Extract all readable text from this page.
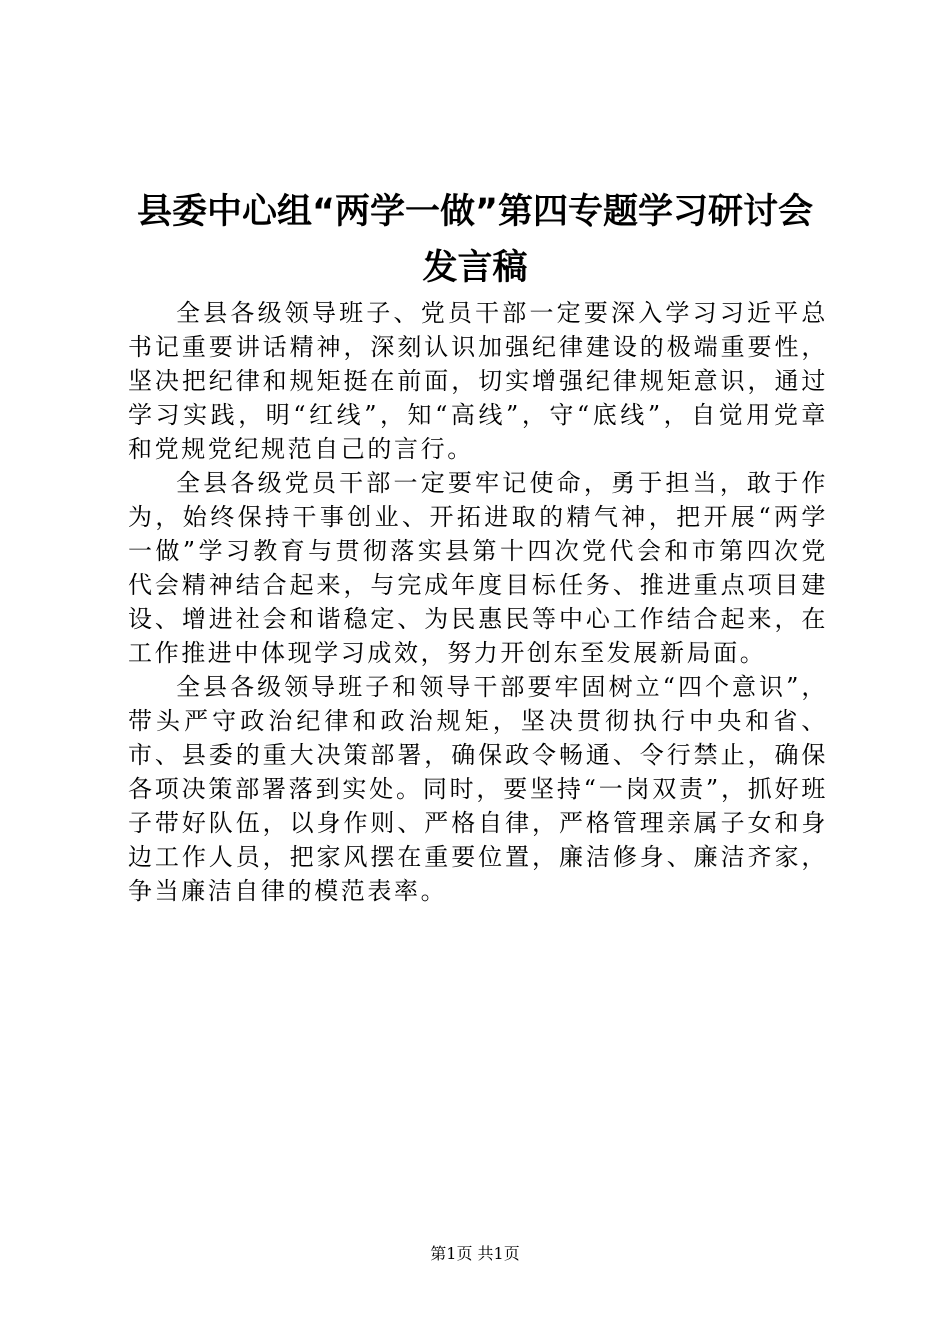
县委中心组“两学一做”第四专题学习研讨会
发言稿

全县各级领导班子、党员干部一定要深入学习习近平总书记重要讲话精神，深刻认识加强纪律建设的极端重要性，坚决把纪律和规矩挺在前面，切实增强纪律规矩意识，通过学习实践，明“红线”，知“高线”，守“底线”，自觉用党章和党规党纪规范自己的言行。

全县各级党员干部一定要牢记使命，勇于担当，敢于作为，始终保持干事创业、开拓进取的精气神，把开展“两学一做”学习教育与贯彻落实县第十四次党代会和市第四次党代会精神结合起来，与完成年度目标任务、推进重点项目建设、增进社会和谐稳定、为民惠民等中心工作结合起来，在工作推进中体现学习成效，努力开创东至发展新局面。

全县各级领导班子和领导干部要牢固树立“四个意识”，带头严守政治纪律和政治规矩，坚决贯彻执行中央和省、市、县委的重大决策部署，确保政令畅通、令行禁止，确保各项决策部署落到实处。同时，要坚持“一岗双责”，抓好班子带好队伍，以身作则、严格自律，严格管理亲属子女和身边工作人员，把家风摆在重要位置，廉洁修身、廉洁齐家，争当廉洁自律的模范表率。

第1页 共1页
